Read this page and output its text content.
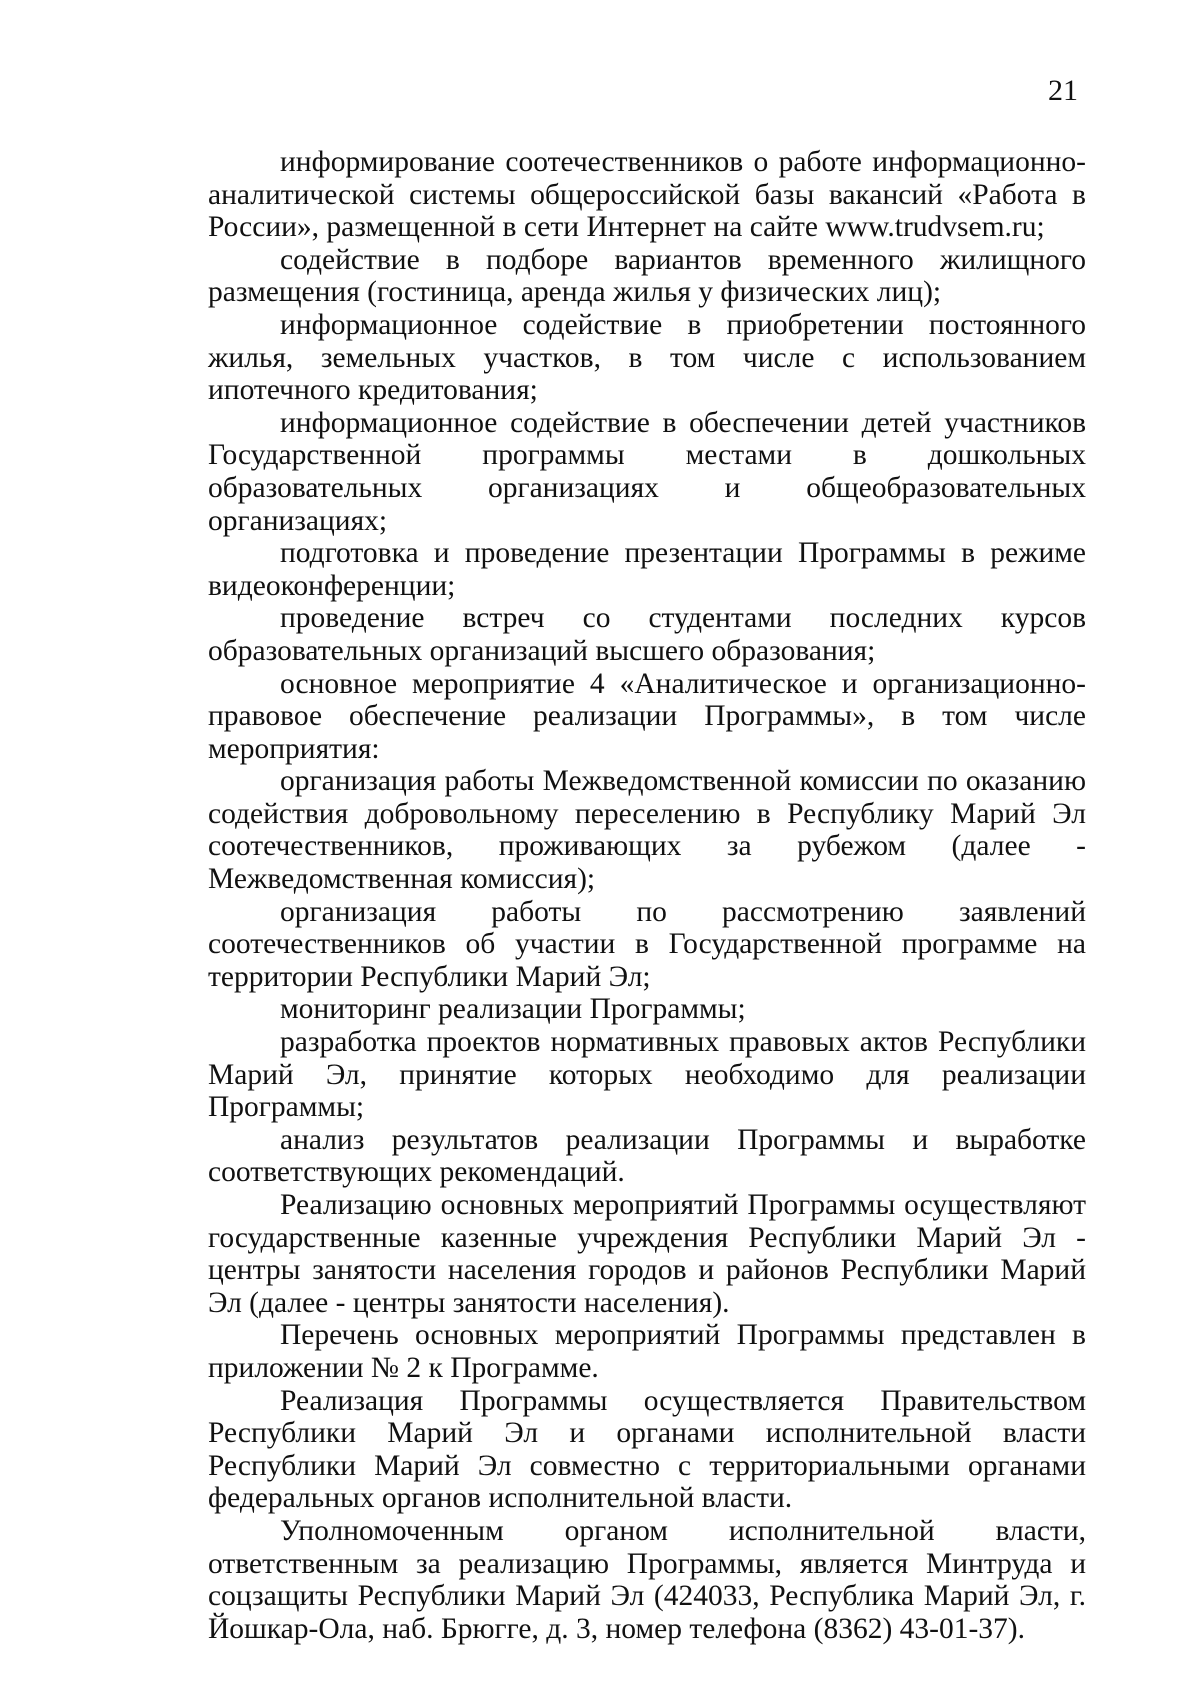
21

информирование соотечественников о работе информационно-аналитической системы общероссийской базы вакансий «Работа в России», размещенной в сети Интернет на сайте www.trudvsem.ru;

содействие в подборе вариантов временного жилищного размещения (гостиница, аренда жилья у физических лиц);

информационное содействие в приобретении постоянного жилья, земельных участков, в том числе с использованием ипотечного кредитования;

информационное содействие в обеспечении детей участников Государственной программы местами в дошкольных образовательных организациях и общеобразовательных организациях;

подготовка и проведение презентации Программы в режиме видеоконференции;

проведение встреч со студентами последних курсов образовательных организаций высшего образования;

основное мероприятие 4 «Аналитическое и организационно-правовое обеспечение реализации Программы», в том числе мероприятия:

организация работы Межведомственной комиссии по оказанию содействия добровольному переселению в Республику Марий Эл соотечественников, проживающих за рубежом (далее - Межведомственная комиссия);

организация работы по рассмотрению заявлений соотечественников об участии в Государственной программе на территории Республики Марий Эл;

мониторинг реализации Программы;

разработка проектов нормативных правовых актов Республики Марий Эл, принятие которых необходимо для реализации Программы;

анализ результатов реализации Программы и выработке соответствующих рекомендаций.

Реализацию основных мероприятий Программы осуществляют государственные казенные учреждения Республики Марий Эл - центры занятости населения городов и районов Республики Марий Эл (далее - центры занятости населения).

Перечень основных мероприятий Программы представлен в приложении № 2 к Программе.

Реализация Программы осуществляется Правительством Республики Марий Эл и органами исполнительной власти Республики Марий Эл совместно с территориальными органами федеральных органов исполнительной власти.

Уполномоченным органом исполнительной власти, ответственным за реализацию Программы, является Минтруда и соцзащиты Республики Марий Эл (424033, Республика Марий Эл, г. Йошкар-Ола, наб. Брюгге, д. 3, номер телефона (8362) 43-01-37).
